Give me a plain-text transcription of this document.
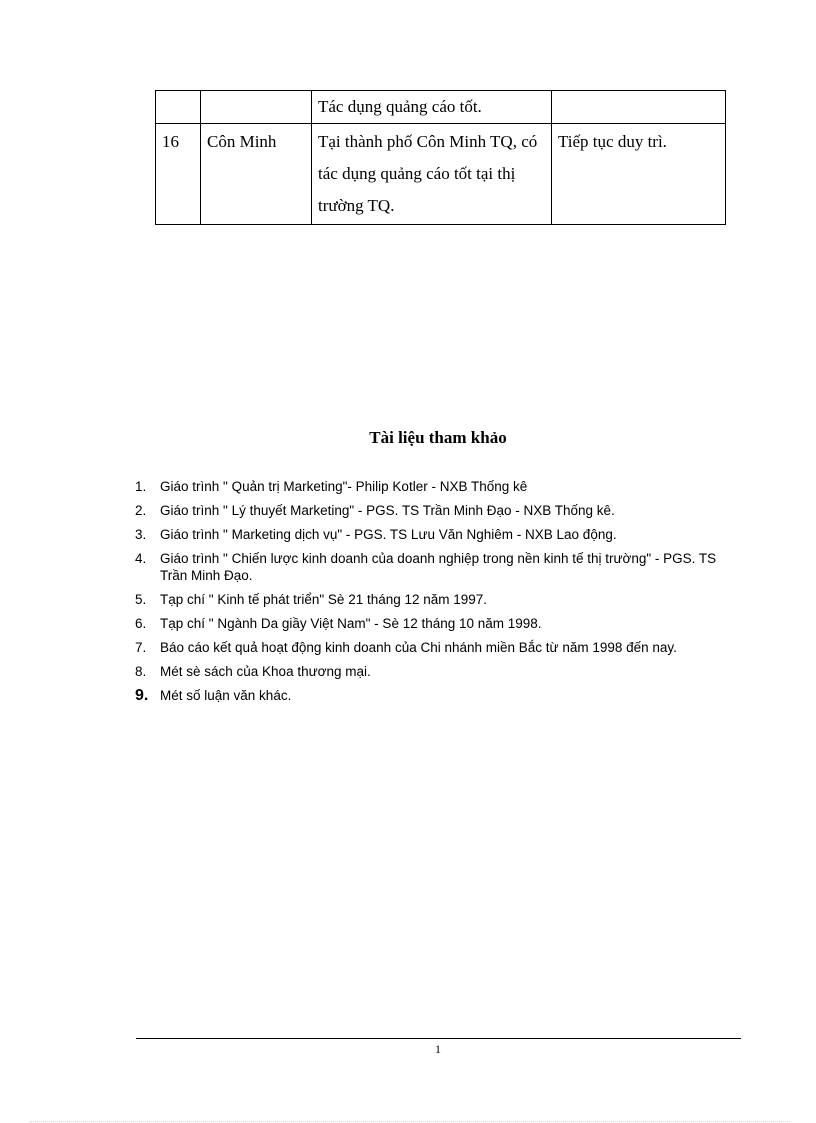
		Tác dụng quảng cáo tốt.	
16	Côn Minh	Tại thành phố Côn Minh TQ, có tác dụng quảng cáo tốt tại thị trường TQ.	Tiếp tục duy trì.
Tài liệu tham khảo
1.	Giáo trình " Quản trị Marketing"- Philip Kotler - NXB Thống kê
2.	Giáo trình " Lý thuyết Marketing" - PGS. TS Trần Minh Đạo - NXB Thống kê.
3.	Giáo trình " Marketing dịch vụ" - PGS. TS Lưu Văn Nghiêm - NXB Lao động.
4.	Giáo trình " Chiến lược kinh doanh của doanh nghiệp trong nền kinh tế thị trường" - PGS. TS Trần Minh Đạo.
5.	Tạp chí " Kinh tế phát triển" Sè 21 tháng 12 năm 1997.
6.	Tạp chí " Ngành Da giầy Việt Nam" - Sè 12 tháng 10 năm 1998.
7.	Báo cáo kết quả hoạt động kinh doanh của Chi nhánh miền Bắc từ năm 1998 đến nay.
8.	Mét sè sách của Khoa thương mại.
9. Mét số luận văn khác.
1
